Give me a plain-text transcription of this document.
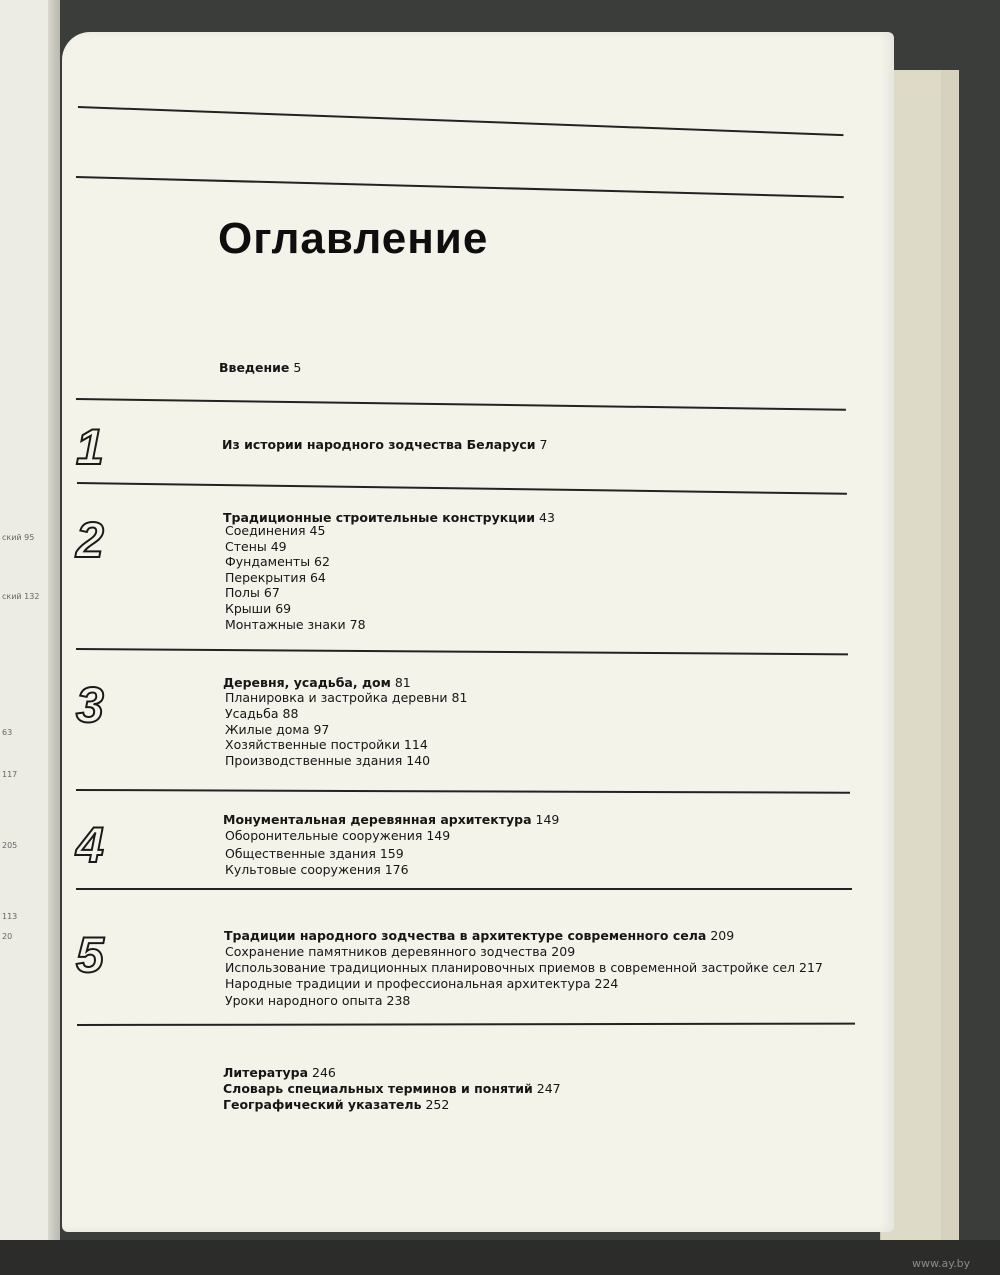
ский 95
ский 132
63
117
205
113
20
Оглавление
Введение 5
1	Из истории народного зодчества Беларуси 7
2	Традиционные строительные конструкции 43
Соединения 45
Стены 49
Фундаменты 62
Перекрытия 64
Полы 67
Крыши 69
Монтажные знаки 78
3	Деревня, усадьба, дом 81
Планировка и застройка деревни 81
Усадьба 88
Жилые дома 97
Хозяйственные постройки 114
Производственные здания 140
4	Монументальная деревянная архитектура 149
Оборонительные сооружения 149
Общественные здания 159
Культовые сооружения 176
5	Традиции народного зодчества в архитектуре современного села 209
Сохранение памятников деревянного зодчества 209
Использование традиционных планировочных приемов в современной застройке сел 217
Народные традиции и профессиональная архитектура 224
Уроки народного опыта 238
Литература 246
Словарь специальных терминов и понятий 247
Географический указатель 252
www.ay.by
